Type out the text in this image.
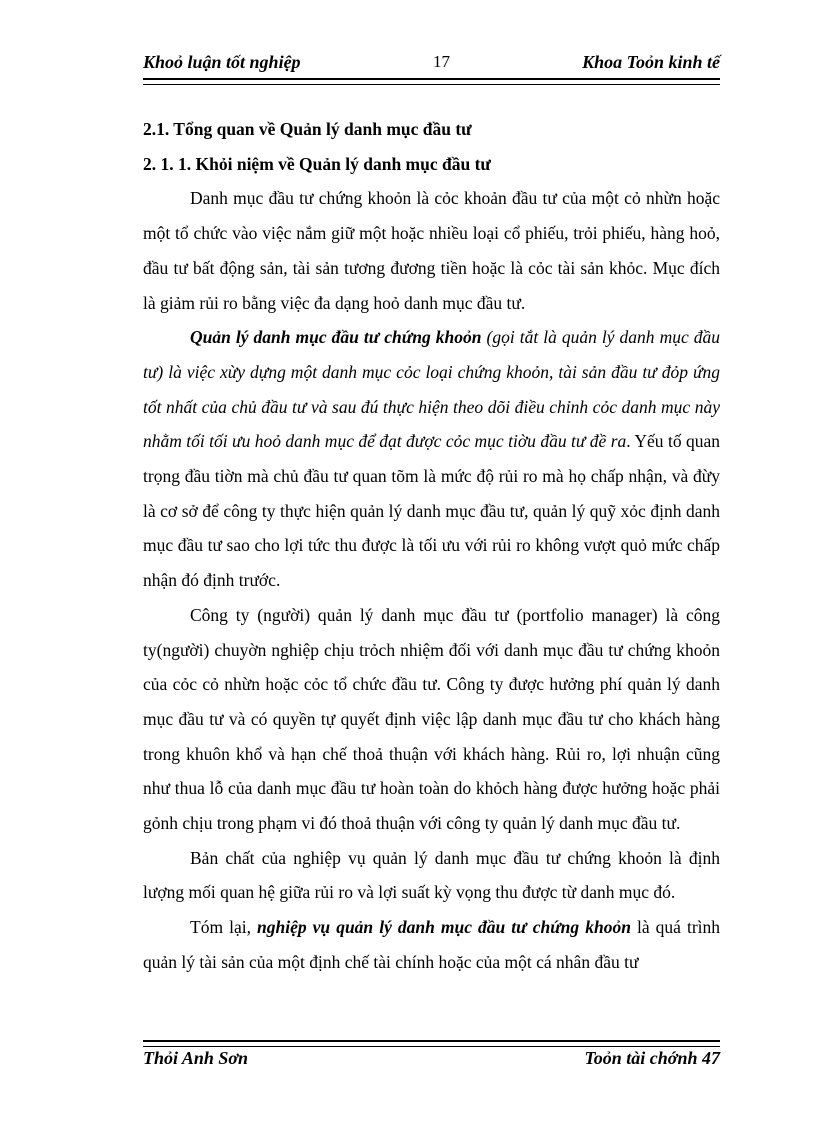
Khoỏ luận tốt nghiệp	17	Khoa Toỏn kinh tế
2.1. Tổng quan về Quản lý danh mục đầu tư
2. 1. 1. Khỏi niệm về Quản lý danh mục đầu tư

Danh mục đầu tư chứng khoỏn là cỏc khoản đầu tư của một cỏ nhừn hoặc một tổ chức vào việc nắm giữ một hoặc nhiều loại cổ phiếu, trỏi phiếu, hàng hoỏ, đầu tư bất động sản, tài sản tương đương tiền hoặc là cỏc tài sản khỏc. Mục đích là giảm rủi ro bằng việc đa dạng hoỏ danh mục đầu tư.

Quản lý danh mục đầu tư chứng khoỏn (gọi tắt là quản lý danh mục đầu tư) là việc xừy dựng một danh mục cỏc loại chứng khoỏn, tài sản đầu tư đỏp ứng tốt nhất của chủ đầu tư và sau đú thực hiện theo dõi điều chỉnh cỏc danh mục này nhằm tối tối ưu hoỏ danh mục để đạt được cỏc mục tiờu đầu tư đề ra. Yếu tố quan trọng đầu tiờn mà chủ đầu tư quan tõm là mức độ rủi ro mà họ chấp nhận, và đừy là cơ sở để công ty thực hiện quản lý danh mục đầu tư, quản lý quỹ xỏc định danh mục đầu tư sao cho lợi tức thu được là tối ưu với rủi ro không vượt quỏ mức chấp nhận đó định trước.

Công ty (người) quản lý danh mục đầu tư (portfolio manager) là công ty(người) chuyờn nghiệp chịu trỏch nhiệm đối với danh mục đầu tư chứng khoỏn của cỏc cỏ nhừn hoặc cỏc tổ chức đầu tư. Công ty được hưởng phí quản lý danh mục đầu tư và có quyền tự quyết định việc lập danh mục đầu tư cho khách hàng trong khuôn khổ và hạn chế thoả thuận với khách hàng. Rủi ro, lợi nhuận cũng như thua lỗ của danh mục đầu tư hoàn toàn do khỏch hàng được hưởng hoặc phải gỏnh chịu trong phạm vi đó thoả thuận với công ty quản lý danh mục đầu tư.

Bản chất của nghiệp vụ quản lý danh mục đầu tư chứng khoỏn là định lượng mối quan hệ giữa rủi ro và lợi suất kỳ vọng thu được từ danh mục đó.

Tóm lại, nghiệp vụ quản lý danh mục đầu tư chứng khoỏn là quá trình quản lý tài sản của một định chế tài chính hoặc của một cá nhân đầu tư

Thỏi Anh Sơn	Toỏn tài chớnh 47
